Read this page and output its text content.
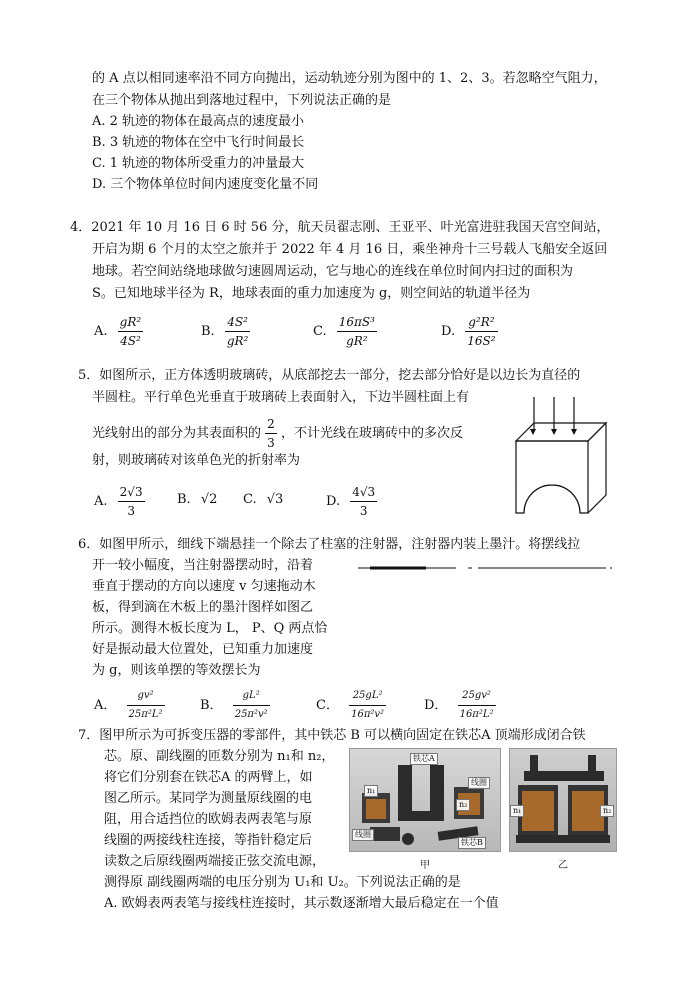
的 A 点以相同速率沿不同方向抛出，运动轨迹分别为图中的 1、2、3。若忽略空气阻力，
在三个物体从抛出到落地过程中，下列说法正确的是
A. 2 轨迹的物体在最高点的速度最小
B. 3 轨迹的物体在空中飞行时间最长
C. 1 轨迹的物体所受重力的冲量最大
D. 三个物体单位时间内速度变化量不同
4．2021 年 10 月 16 日 6 时 56 分，航天员翟志刚、王亚平、叶光富进驻我国天宫空间站，
开启为期 6 个月的太空之旅并于 2022 年 4 月 16 日，乘坐神舟十三号载人飞船安全返回
地球。若空间站绕地球做匀速圆周运动，它与地心的连线在单位时间内扫过的面积为
S。已知地球半径为 R，地球表面的重力加速度为 g，则空间站的轨道半径为
A. $\frac{\text{gR²}}{\text{4S²}}$	B. $\frac{\text{4S²}}{\text{gR²}}$	C. $\frac{\text{16πS³}}{\text{gR²}}$	D. $\frac{\text{g²R²}}{\text{16S²}}$
5．如图所示，正方体透明玻璃砖，从底部挖去一部分，挖去部分恰好是以边长为直径的
半圆柱。平行单色光垂直于玻璃砖上表面射入，下边半圆柱面上有
光线射出的部分为其表面积的 $\frac{2}{3}$ ，不计光线在玻璃砖中的多次反
射，则玻璃砖对该单色光的折射率为
A. $\frac{2√3}{3} B$. √2 C. √3	D. $\frac{4√3}{3}$
6．如图甲所示，细线下端悬挂一个除去了柱塞的注射器，注射器内装上墨汁。将摆线拉
开一较小幅度，当注射器摆动时，沿着
垂直于摆动的方向以速度 v 匀速拖动木
板，得到滴在木板上的墨汁图样如图乙
所示。测得木板长度为 L， P、Q 两点恰
好是振动最大位置处，已知重力加速度
为 g，则该单摆的等效摆长为
A． $\frac{\text{gv²}}{\text{25π²L²}}$	B． $\frac{\text{gL²}}{\text{25π²v²}}$	C． $\frac{\text{25gL²}}{\text{16π²v²}}$	D． $\frac{\text{25gv²}}{\text{16π²L²}}$
7．图甲所示为可拆变压器的零部件，其中铁芯 B 可以横向固定在铁芯A 顶端形成闭合铁
芯。原、副线圈的匝数分别为 n₁和 n₂，
将它们分别套在铁芯A 的两臂上，如
图乙所示。某同学为测量原线圈的电
阻，用合适挡位的欧姆表两表笔与原
线圈的两接线柱连接，等指针稳定后
读数之后原线圈两端接正弦交流电源，
测得原 副线圈两端的电压分别为 U₁和 U₂。下列说法正确的是
A. 欧姆表两表笔与接线柱连接时，其示数逐渐增大最后稳定在一个值
铁芯A
线圈
线圈
铁芯B
n₁
n₂
甲
n₁	n₂
乙
